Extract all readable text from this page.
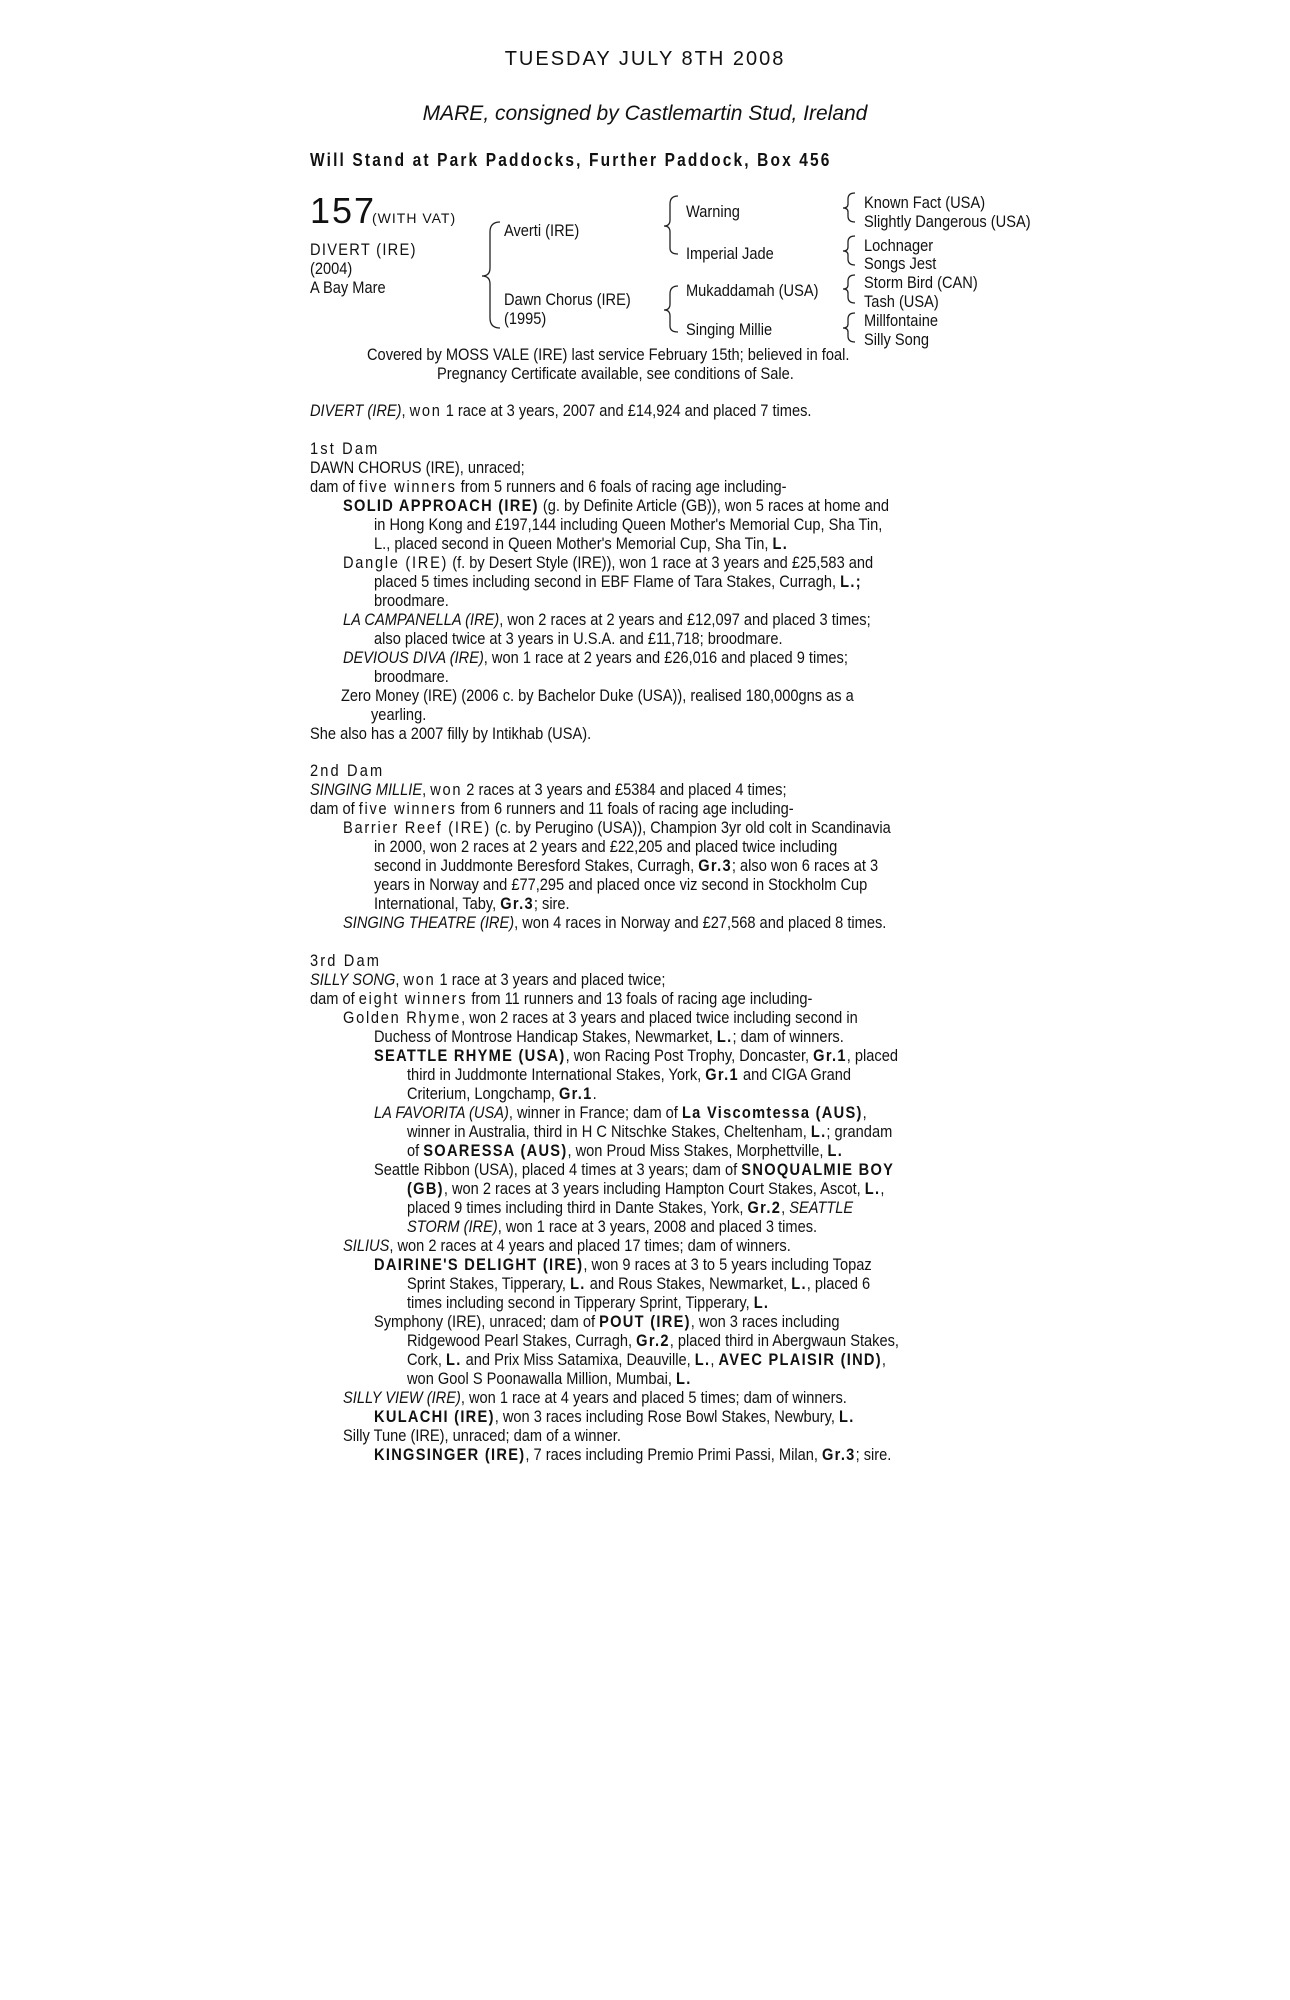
TUESDAY JULY 8TH 2008
MARE, consigned by Castlemartin Stud, Ireland
Will Stand at Park Paddocks, Further Paddock, Box 456
157
(WITH VAT)
DIVERT (IRE)
(2004)
A Bay Mare
Averti (IRE)
Dawn Chorus (IRE)
(1995)
Warning
Imperial Jade
Mukaddamah (USA)
Singing Millie
Known Fact (USA)
Slightly Dangerous (USA)
Lochnager
Songs Jest
Storm Bird (CAN)
Tash (USA)
Millfontaine
Silly Song
Covered by MOSS VALE (IRE) last service February 15th; believed in foal.
Pregnancy Certificate available, see conditions of Sale.
DIVERT (IRE), won 1 race at 3 years, 2007 and £14,924 and placed 7 times.
1st Dam
DAWN CHORUS (IRE), unraced;
dam of five winners from 5 runners and 6 foals of racing age including-
SOLID APPROACH (IRE) (g. by Definite Article (GB)), won 5 races at home and
in Hong Kong and £197,144 including Queen Mother's Memorial Cup, Sha Tin,
L., placed second in Queen Mother's Memorial Cup, Sha Tin, L.
Dangle (IRE) (f. by Desert Style (IRE)), won 1 race at 3 years and £25,583 and
placed 5 times including second in EBF Flame of Tara Stakes, Curragh, L.;
broodmare.
LA CAMPANELLA (IRE), won 2 races at 2 years and £12,097 and placed 3 times;
also placed twice at 3 years in U.S.A. and £11,718; broodmare.
DEVIOUS DIVA (IRE), won 1 race at 2 years and £26,016 and placed 9 times;
broodmare.
Zero Money (IRE) (2006 c. by Bachelor Duke (USA)), realised 180,000gns as a
yearling.
She also has a 2007 filly by Intikhab (USA).
2nd Dam
SINGING MILLIE, won 2 races at 3 years and £5384 and placed 4 times;
dam of five winners from 6 runners and 11 foals of racing age including-
Barrier Reef (IRE) (c. by Perugino (USA)), Champion 3yr old colt in Scandinavia
in 2000, won 2 races at 2 years and £22,205 and placed twice including
second in Juddmonte Beresford Stakes, Curragh, Gr.3; also won 6 races at 3
years in Norway and £77,295 and placed once viz second in Stockholm Cup
International, Taby, Gr.3; sire.
SINGING THEATRE (IRE), won 4 races in Norway and £27,568 and placed 8 times.
3rd Dam
SILLY SONG, won 1 race at 3 years and placed twice;
dam of eight winners from 11 runners and 13 foals of racing age including-
Golden Rhyme, won 2 races at 3 years and placed twice including second in
Duchess of Montrose Handicap Stakes, Newmarket, L.; dam of winners.
SEATTLE RHYME (USA), won Racing Post Trophy, Doncaster, Gr.1, placed
third in Juddmonte International Stakes, York, Gr.1 and CIGA Grand
Criterium, Longchamp, Gr.1.
LA FAVORITA (USA), winner in France; dam of La Viscomtessa (AUS),
winner in Australia, third in H C Nitschke Stakes, Cheltenham, L.; grandam
of SOARESSA (AUS), won Proud Miss Stakes, Morphettville, L.
Seattle Ribbon (USA), placed 4 times at 3 years; dam of SNOQUALMIE BOY
(GB), won 2 races at 3 years including Hampton Court Stakes, Ascot, L.,
placed 9 times including third in Dante Stakes, York, Gr.2, SEATTLE
STORM (IRE), won 1 race at 3 years, 2008 and placed 3 times.
SILIUS, won 2 races at 4 years and placed 17 times; dam of winners.
DAIRINE'S DELIGHT (IRE), won 9 races at 3 to 5 years including Topaz
Sprint Stakes, Tipperary, L. and Rous Stakes, Newmarket, L., placed 6
times including second in Tipperary Sprint, Tipperary, L.
Symphony (IRE), unraced; dam of POUT (IRE), won 3 races including
Ridgewood Pearl Stakes, Curragh, Gr.2, placed third in Abergwaun Stakes,
Cork, L. and Prix Miss Satamixa, Deauville, L., AVEC PLAISIR (IND),
won Gool S Poonawalla Million, Mumbai, L.
SILLY VIEW (IRE), won 1 race at 4 years and placed 5 times; dam of winners.
KULACHI (IRE), won 3 races including Rose Bowl Stakes, Newbury, L.
Silly Tune (IRE), unraced; dam of a winner.
KINGSINGER (IRE), 7 races including Premio Primi Passi, Milan, Gr.3; sire.
